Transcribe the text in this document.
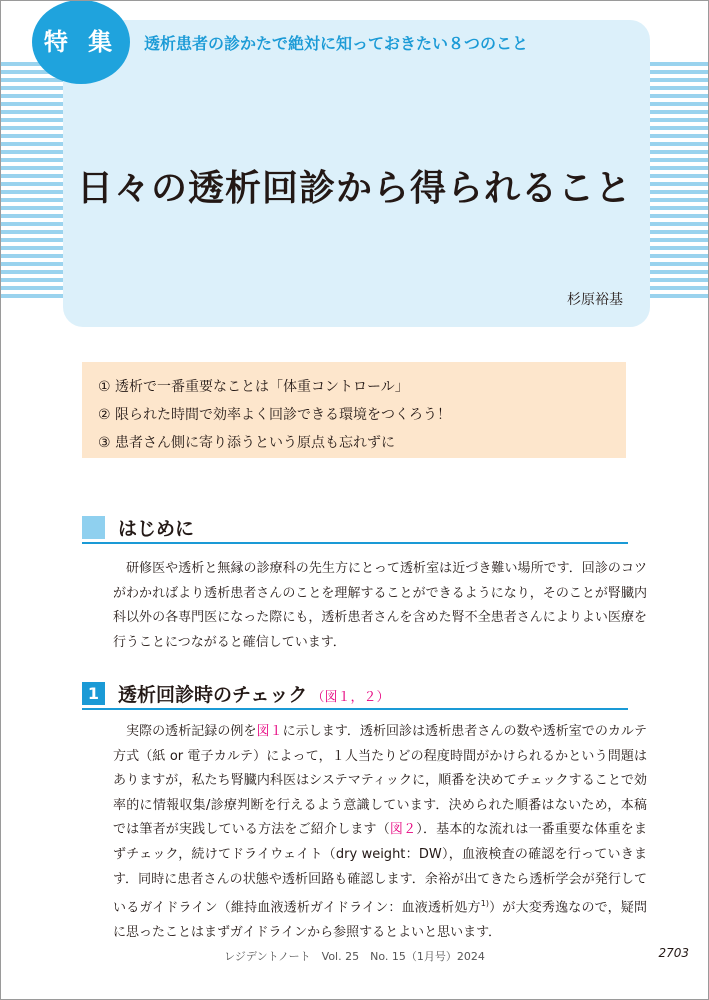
特 集 透析患者の診かたで絶対に知っておきたい８つのこと
日々の透析回診から得られること
杉原裕基
① 透析で一番重要なことは「体重コントロール」
② 限られた時間で効率よく回診できる環境をつくろう！
③ 患者さん側に寄り添うという原点も忘れずに
はじめに

研修医や透析と無縁の診療科の先生方にとって透析室は近づき難い場所です．回診のコツがわかればより透析患者さんのことを理解することができるようになり，そのことが腎臓内科以外の各専門医になった際にも，透析患者さんを含めた腎不全患者さんによりよい医療を行うことにつながると確信しています．

1 透析回診時のチェック （図１，２）

実際の透析記録の例を図１に示します．透析回診は透析患者さんの数や透析室でのカルテ方式（紙 or 電子カルテ）によって，１人当たりどの程度時間がかけられるかという問題はありますが，私たち腎臓内科医はシステマティックに，順番を決めてチェックすることで効率的に情報収集/診療判断を行えるよう意識しています．決められた順番はないため，本稿では筆者が実践している方法をご紹介します（図２）．基本的な流れは一番重要な体重をまずチェック，続けてドライウェイト（dry weight：DW），血液検査の確認を行っていきます．同時に患者さんの状態や透析回路も確認します．余裕が出てきたら透析学会が発行しているガイドライン（維持血液透析ガイドライン：血液透析処方$^{1)}$）が大変秀逸なので，疑問に思ったことはまずガイドラインから参照するとよいと思います．

レジデントノート　Vol. 25　No. 15（1月号）2024	2703
